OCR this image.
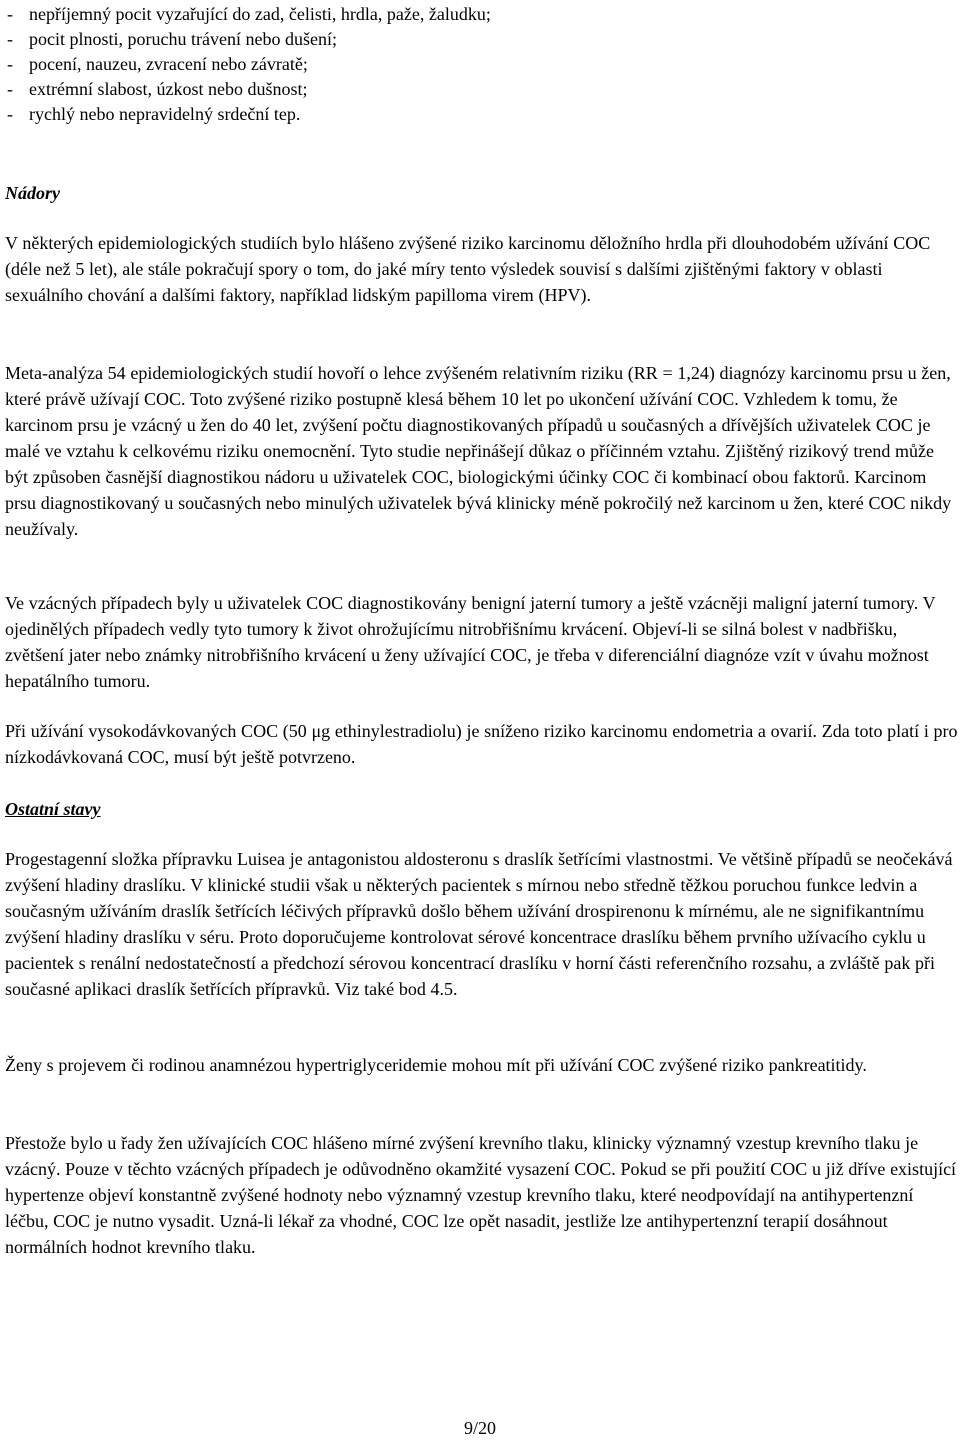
- nepříjemný pocit vyzařující do zad, čelisti, hrdla, paže, žaludku;
- pocit plnosti, poruchu trávení nebo dušení;
- pocení, nauzeu, zvracení nebo závratě;
- extrémní slabost, úzkost nebo dušnost;
- rychlý nebo nepravidelný srdeční tep.
Nádory

V některých epidemiologických studiích bylo hlášeno zvýšené riziko karcinomu děložního hrdla při dlouhodobém užívání COC (déle než 5 let), ale stále pokračují spory o tom, do jaké míry tento výsledek souvisí s dalšími zjištěnými faktory v oblasti sexuálního chování a dalšími faktory, například lidským papilloma virem (HPV).

Meta-analýza 54 epidemiologických studií hovoří o lehce zvýšeném relativním riziku (RR = 1,24) diagnózy karcinomu prsu u žen, které právě užívají COC. Toto zvýšené riziko postupně klesá během 10 let po ukončení užívání COC. Vzhledem k tomu, že karcinom prsu je vzácný u žen do 40 let, zvýšení počtu diagnostikovaných případů u současných a dřívějších uživatelek COC je malé ve vztahu k celkovému riziku onemocnění. Tyto studie nepřinášejí důkaz o příčinném vztahu. Zjištěný rizikový trend může být způsoben časnější diagnostikou nádoru u uživatelek COC, biologickými účinky COC či kombinací obou faktorů. Karcinom prsu diagnostikovaný u současných nebo minulých uživatelek bývá klinicky méně pokročilý než karcinom u žen, které COC nikdy neužívaly.

Ve vzácných případech byly u uživatelek COC diagnostikovány benigní jaterní tumory a ještě vzácněji maligní jaterní tumory. V ojedinělých případech vedly tyto tumory k život ohrožujícímu nitrobřišnímu krvácení. Objeví-li se silná bolest v nadbřišku, zvětšení jater nebo známky nitrobřišního krvácení u ženy užívající COC, je třeba v diferenciální diagnóze vzít v úvahu možnost hepatálního tumoru.

Při užívání vysokodávkovaných COC (50 μg ethinylestradiolu) je sníženo riziko karcinomu endometria a ovarií. Zda toto platí i pro nízkodávkovaná COC, musí být ještě potvrzeno.

Ostatní stavy

Progestagenní složka přípravku Luisea je antagonistou aldosteronu s draslík šetřícími vlastnostmi. Ve většině případů se neočekává zvýšení hladiny draslíku. V klinické studii však u některých pacientek s mírnou nebo středně těžkou poruchou funkce ledvin a současným užíváním draslík šetřících léčivých přípravků došlo během užívání drospirenonu k mírnému, ale ne signifikantnímu zvýšení hladiny draslíku v séru. Proto doporučujeme kontrolovat sérové koncentrace draslíku během prvního užívacího cyklu u pacientek s renální nedostatečností a předchozí sérovou koncentrací draslíku v horní části referenčního rozsahu, a zvláště pak při současné aplikaci draslík šetřících přípravků. Viz také bod 4.5.

Ženy s projevem či rodinou anamnézou hypertriglyceridemie mohou mít při užívání COC zvýšené riziko pankreatitidy.

Přestože bylo u řady žen užívajících COC hlášeno mírné zvýšení krevního tlaku, klinicky významný vzestup krevního tlaku je vzácný. Pouze v těchto vzácných případech je odůvodněno okamžité vysazení COC. Pokud se při použití COC u již dříve existující hypertenze objeví konstantně zvýšené hodnoty nebo významný vzestup krevního tlaku, které neodpovídají na antihypertenzní léčbu, COC je nutno vysadit. Uzná-li lékař za vhodné, COC lze opět nasadit, jestliže lze antihypertenzní terapií dosáhnout normálních hodnot krevního tlaku.

9/20
